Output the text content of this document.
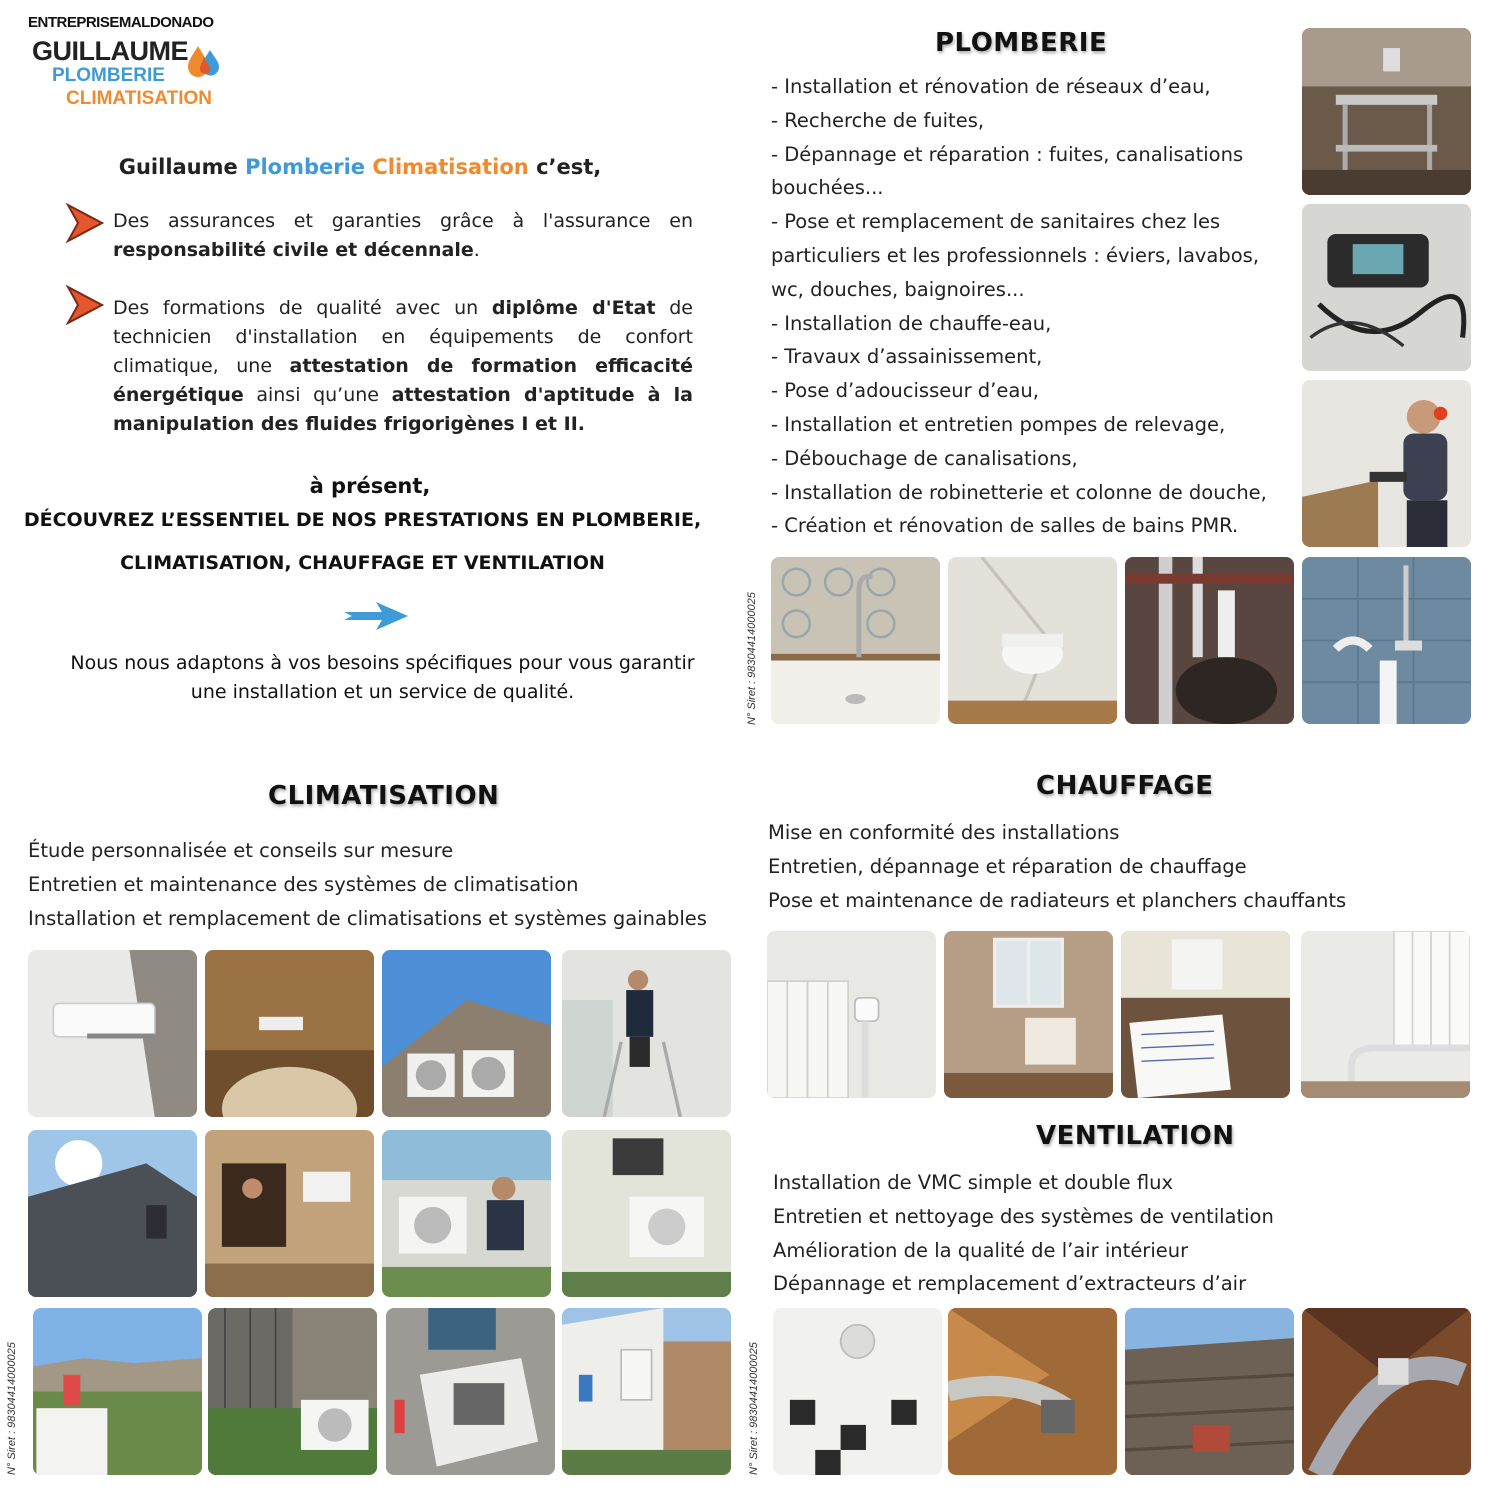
ENTREPRISEMALDONADO
GUILLAUME
PLOMBERIE
CLIMATISATION
Guillaume Plomberie Climatisation c’est,
Des assurances et garanties grâce à l'assurance en responsabilité civile et décennale.
Des formations de qualité avec un diplôme d'Etat de technicien d'installation en équipements de confort climatique, une attestation de formation efficacité énergétique ainsi qu’une attestation d'aptitude à la manipulation des fluides frigorigènes I et II.
à présent,
DÉCOUVREZ L’ESSENTIEL DE NOS PRESTATIONS EN PLOMBERIE,
CLIMATISATION, CHAUFFAGE ET VENTILATION
Nous nous adaptons à vos besoins spécifiques pour vous garantir
une installation et un service de qualité.
PLOMBERIE
- Installation et rénovation de réseaux d’eau,
- Recherche de fuites,
- Dépannage et réparation : fuites, canalisations
bouchées...
- Pose et remplacement de sanitaires chez les
particuliers et les professionnels : éviers, lavabos,
wc, douches, baignoires...
- Installation de chauffe-eau,
- Travaux d’assainissement,
- Pose d’adoucisseur d’eau,
- Installation et entretien pompes de relevage,
- Débouchage de canalisations,
- Installation de robinetterie et colonne de douche,
- Création et rénovation de salles de bains PMR.
N° Siret : 98304414000025
CLIMATISATION
Étude personnalisée et conseils sur mesure
Entretien et maintenance des systèmes de climatisation
Installation et remplacement de climatisations et systèmes gainables
N° Siret : 98304414000025
CHAUFFAGE
Mise en conformité des installations
Entretien, dépannage et réparation de chauffage
Pose et maintenance de radiateurs et planchers chauffants
VENTILATION
Installation de VMC simple et double flux
Entretien et nettoyage des systèmes de ventilation
Amélioration de la qualité de l’air intérieur
Dépannage et remplacement d’extracteurs d’air
N° Siret : 98304414000025
